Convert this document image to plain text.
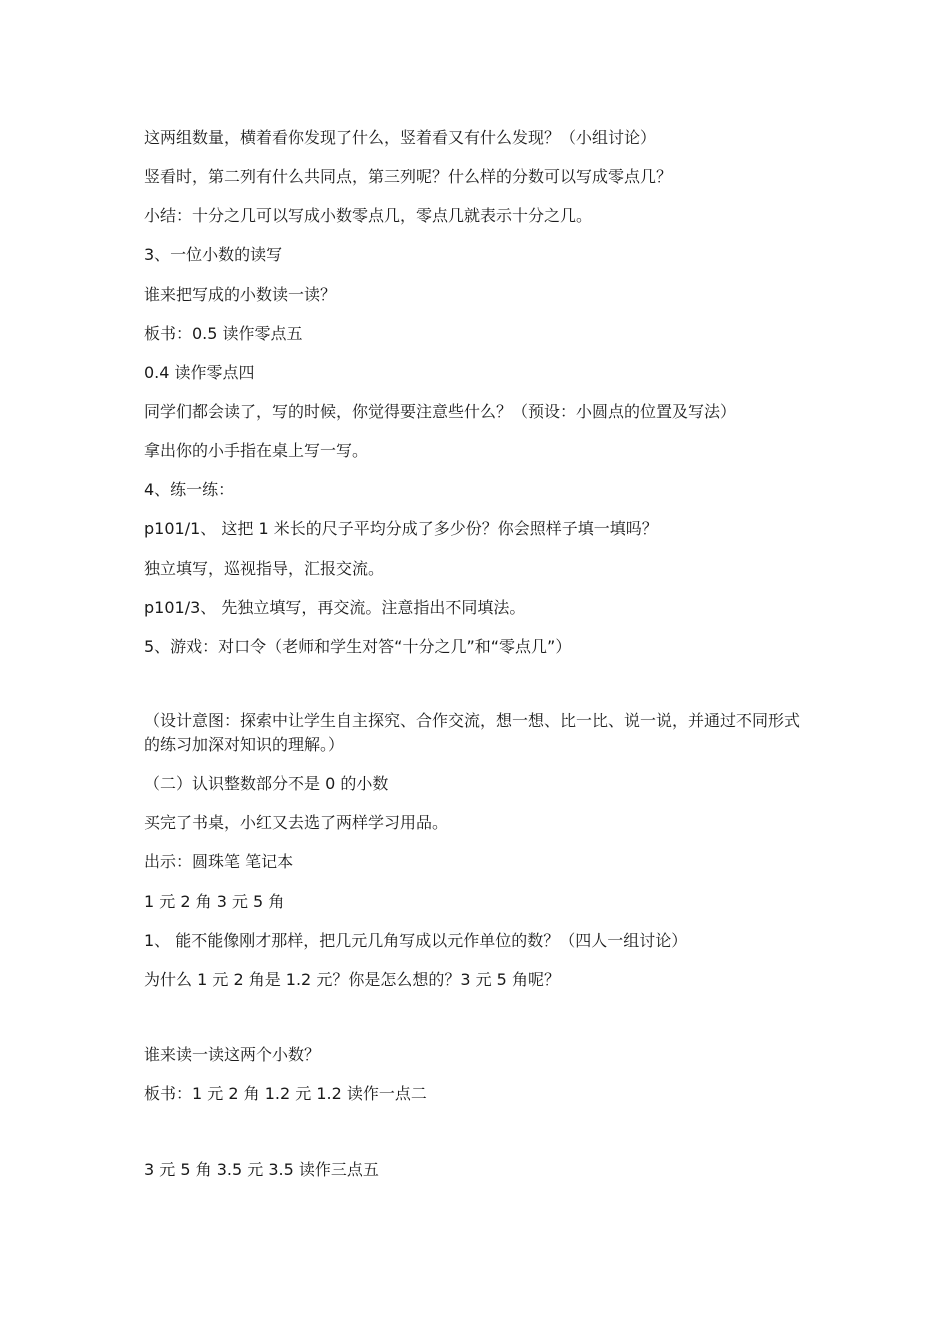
这两组数量，横着看你发现了什么，竖着看又有什么发现？（小组讨论）
竖看时，第二列有什么共同点，第三列呢？什么样的分数可以写成零点几？
小结：十分之几可以写成小数零点几，零点几就表示十分之几。
3、一位小数的读写
谁来把写成的小数读一读？
板书：0.5 读作零点五
0.4 读作零点四
同学们都会读了，写的时候，你觉得要注意些什么？（预设：小圆点的位置及写法）
拿出你的小手指在桌上写一写。
4、练一练：
p101/1、 这把 1 米长的尺子平均分成了多少份？你会照样子填一填吗？
独立填写，巡视指导，汇报交流。
p101/3、 先独立填写，再交流。注意指出不同填法。
5、游戏：对口令（老师和学生对答“十分之几”和“零点几”）
（设计意图：探索中让学生自主探究、合作交流，想一想、比一比、说一说，并通过不同形式的练习加深对知识的理解。）
（二）认识整数部分不是 0 的小数
买完了书桌，小红又去选了两样学习用品。
出示：圆珠笔 笔记本
1 元 2 角 3 元 5 角
1、 能不能像刚才那样，把几元几角写成以元作单位的数？（四人一组讨论）
为什么 1 元 2 角是 1.2 元？你是怎么想的？3 元 5 角呢？
谁来读一读这两个小数？
板书：1 元 2 角 1.2 元 1.2 读作一点二
3 元 5 角 3.5 元 3.5 读作三点五
